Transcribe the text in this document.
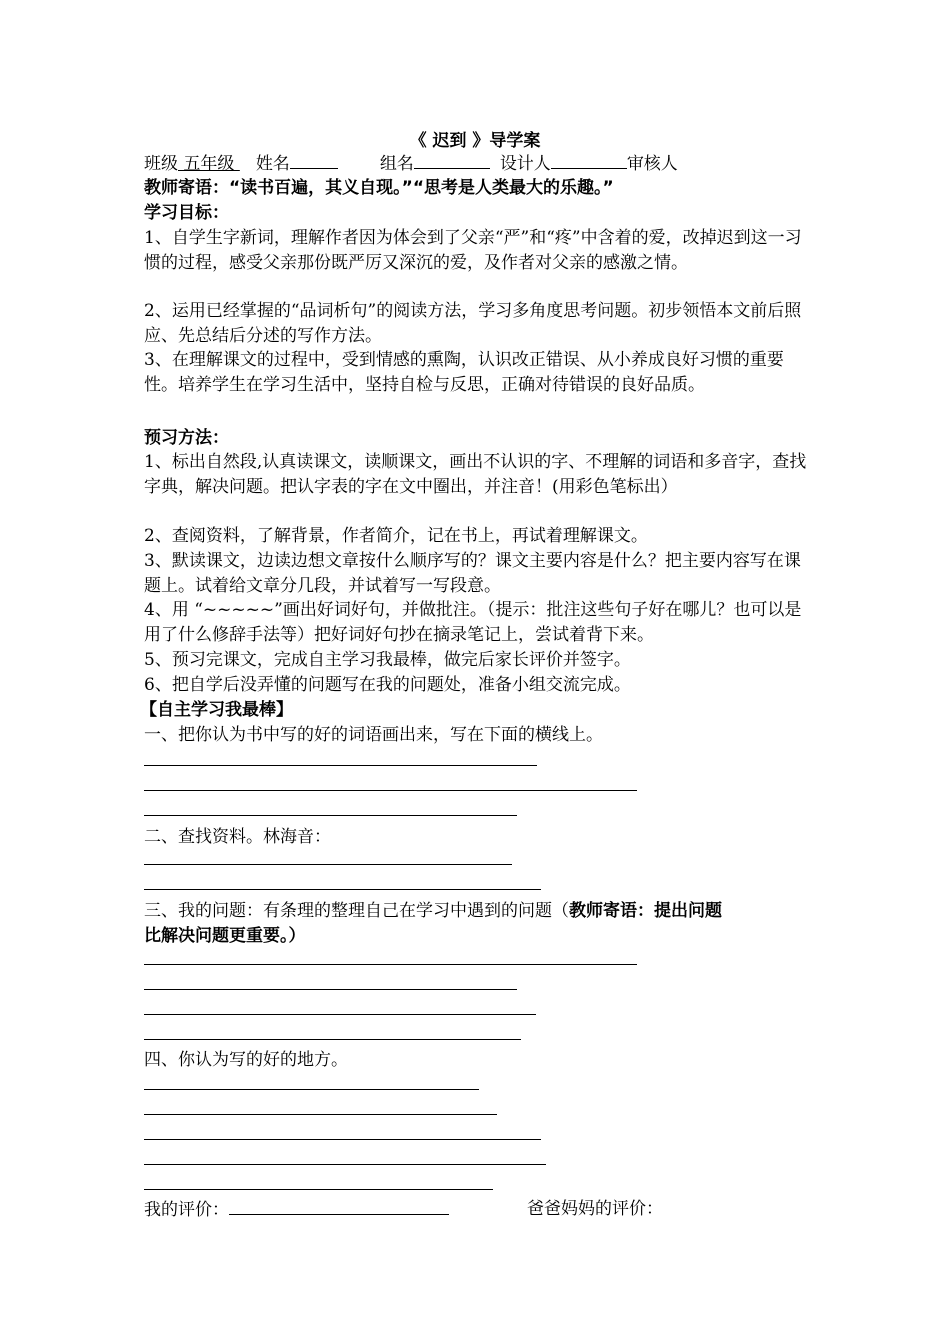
《 迟到 》导学案
班级 五年级 姓名	组名	设计人	审核人
教师寄语：“读书百遍，其义自现。”“思考是人类最大的乐趣。”
学习目标：
1、自学生字新词，理解作者因为体会到了父亲“严”和“疼”中含着的爱，改掉迟到这一习惯的过程，感受父亲那份既严厉又深沉的爱，及作者对父亲的感激之情。
2、运用已经掌握的“品词析句”的阅读方法，学习多角度思考问题。初步领悟本文前后照应、先总结后分述的写作方法。
3、在理解课文的过程中，受到情感的熏陶，认识改正错误、从小养成良好习惯的重要性。培养学生在学习生活中，坚持自检与反思，正确对待错误的良好品质。
预习方法：
1、标出自然段,认真读课文，读顺课文，画出不认识的字、不理解的词语和多音字，查找字典，解决问题。把认字表的字在文中圈出，并注音！(用彩色笔标出）
2、查阅资料，了解背景，作者简介，记在书上，再试着理解课文。
3、默读课文，边读边想文章按什么顺序写的？课文主要内容是什么？把主要内容写在课题上。试着给文章分几段，并试着写一写段意。
4、用 “~~~~~”画出好词好句，并做批注。（提示：批注这些句子好在哪儿？也可以是用了什么修辞手法等）把好词好句抄在摘录笔记上，尝试着背下来。
5、预习完课文，完成自主学习我最棒，做完后家长评价并签字。
6、把自学后没弄懂的问题写在我的问题处，准备小组交流完成。
【自主学习我最棒】
一、把你认为书中写的好的词语画出来，写在下面的横线上。
二、查找资料。林海音：
三、我的问题：有条理的整理自己在学习中遇到的问题（教师寄语：提出问题
比解决问题更重要。）
四、你认为写的好的地方。
我的评价：	爸爸妈妈的评价：
